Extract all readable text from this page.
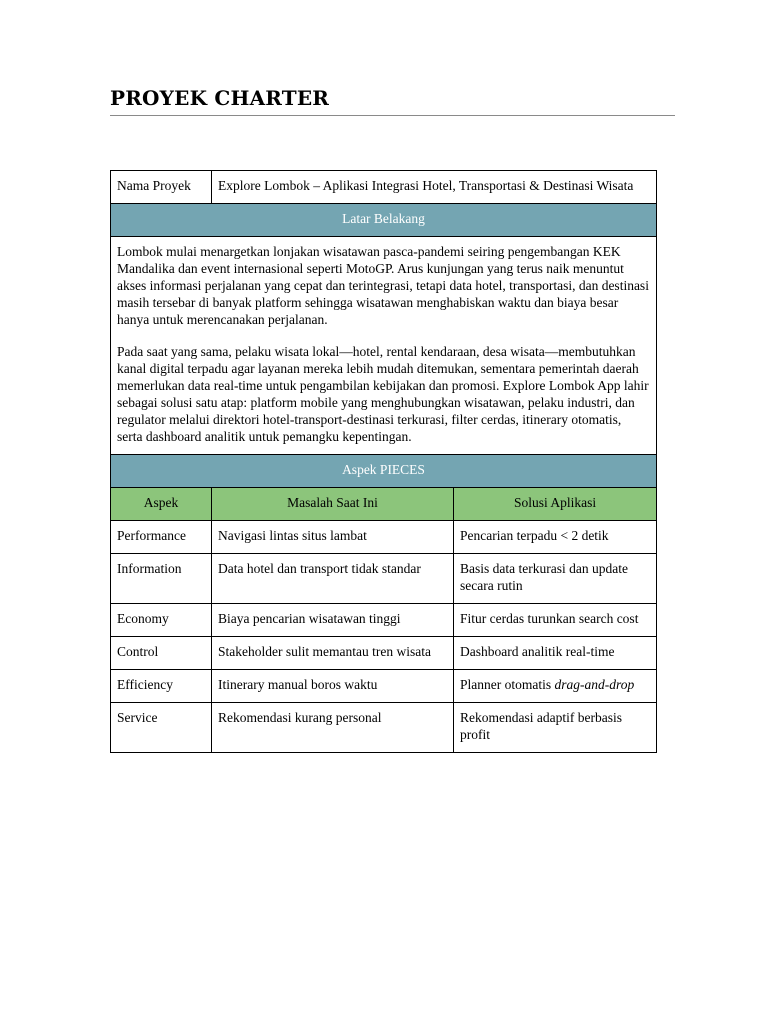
PROYEK CHARTER
Nama Proyek	Explore Lombok – Aplikasi Integrasi Hotel, Transportasi & Destinasi Wisata	
Latar Belakang		

Lombok mulai menargetkan lonjakan wisatawan pasca-pandemi seiring pengembangan KEK Mandalika dan event internasional seperti MotoGP. Arus kunjungan yang terus naik menuntut akses informasi perjalanan yang cepat dan terintegrasi, tetapi data hotel, transportasi, dan destinasi masih tersebar di banyak platform sehingga wisatawan menghabiskan waktu dan biaya besar hanya untuk merencanakan perjalanan.

Pada saat yang sama, pelaku wisata lokal—hotel, rental kendaraan, desa wisata—membutuhkan kanal digital terpadu agar layanan mereka lebih mudah ditemukan, sementara pemerintah daerah memerlukan data real-time untuk pengambilan kebijakan dan promosi. Explore Lombok App lahir sebagai solusi satu atap: platform mobile yang menghubungkan wisatawan, pelaku industri, dan regulator melalui direktori hotel-transport-destinasi terkurasi, filter cerdas, itinerary otomatis, serta dashboard analitik untuk pemangku kepentingan.		

Aspek PIECES		
Aspek	Masalah Saat Ini	Solusi Aplikasi
Performance	Navigasi lintas situs lambat	Pencarian terpadu < 2 detik
Information	Data hotel dan transport tidak standar	Basis data terkurasi dan update secara rutin
Economy	Biaya pencarian wisatawan tinggi	Fitur cerdas turunkan search cost
Control	Stakeholder sulit memantau tren wisata	Dashboard analitik real-time
Efficiency	Itinerary manual boros waktu	Planner otomatis drag-and-drop
Service	Rekomendasi kurang personal	Rekomendasi adaptif berbasis profit
